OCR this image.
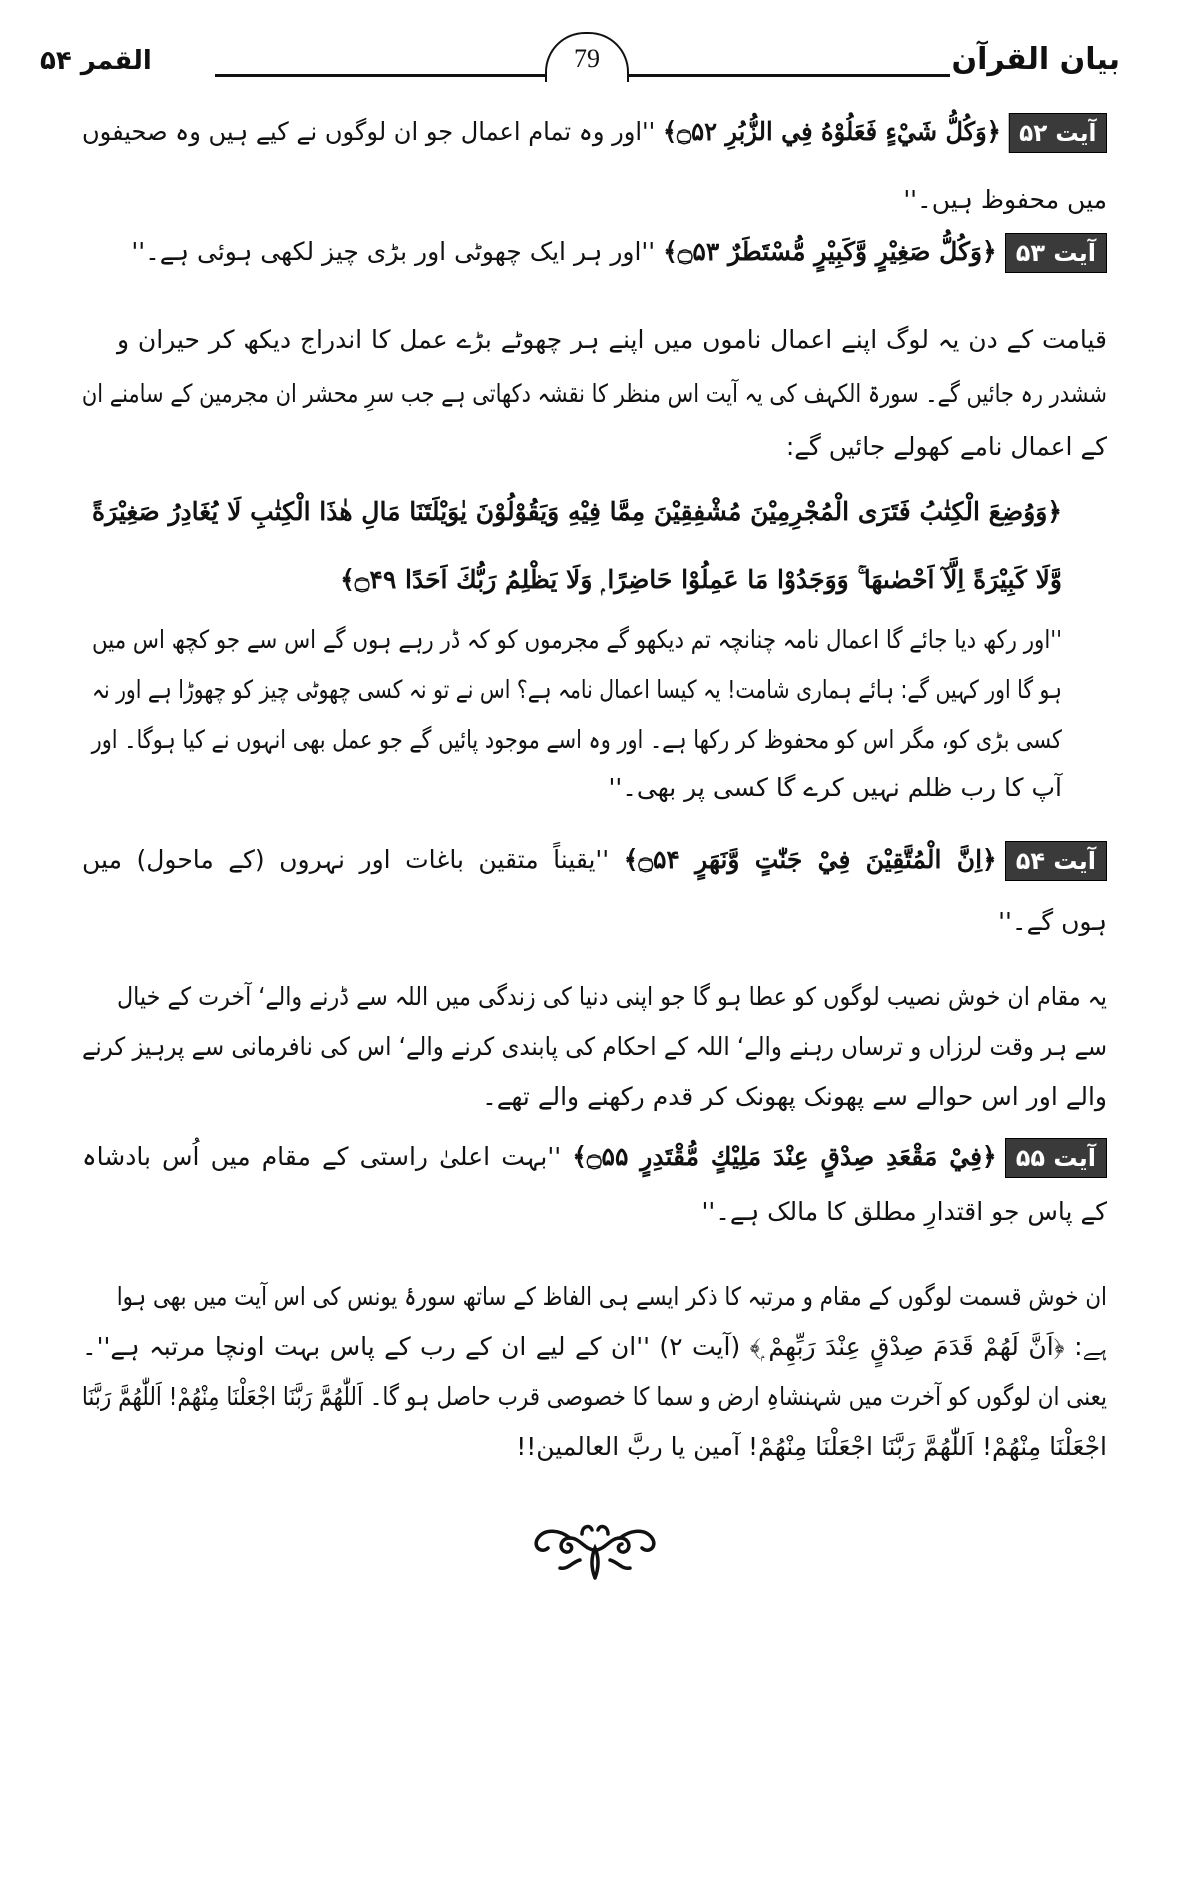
بیان القرآن
القمر ۵۴	79
آیت ۵۲﴿وَكُلُّ شَيْءٍ فَعَلُوْهُ فِي الزُّبُرِ ۝۵۲﴾ ''اور وہ تمام اعمال جو ان لوگوں نے کیے ہیں وہ صحیفوں
میں محفوظ ہیں۔''
آیت ۵۳﴿وَكُلُّ صَغِيْرٍ وَّكَبِيْرٍ مُّسْتَطَرٌ ۝۵۳﴾ ''اور ہر ایک چھوٹی اور بڑی چیز لکھی ہوئی ہے۔''
قیامت کے دن یہ لوگ اپنے اعمال ناموں میں اپنے ہر چھوٹے بڑے عمل کا اندراج دیکھ کر حیران و
ششدر رہ جائیں گے۔ سورۃ الکہف کی یہ آیت اس منظر کا نقشہ دکھاتی ہے جب سرِ محشر ان مجرمین کے سامنے ان
کے اعمال نامے کھولے جائیں گے:
﴿وَوُضِعَ الْكِتٰبُ فَتَرَى الْمُجْرِمِيْنَ مُشْفِقِيْنَ مِمَّا فِيْهِ وَيَقُوْلُوْنَ يٰوَيْلَتَنَا مَالِ هٰذَا الْكِتٰبِ لَا يُغَادِرُ صَغِيْرَةً
وَّلَا كَبِيْرَةً اِلَّآ اَحْصٰىهَا ۚ وَوَجَدُوْا مَا عَمِلُوْا حَاضِرًا ۭ وَلَا يَظْلِمُ رَبُّكَ اَحَدًا ۝۴۹﴾
''اور رکھ دیا جائے گا اعمال نامہ چنانچہ تم دیکھو گے مجرموں کو کہ ڈر رہے ہوں گے اس سے جو کچھ اس میں
ہو گا اور کہیں گے: ہائے ہماری شامت! یہ کیسا اعمال نامہ ہے؟ اس نے تو نہ کسی چھوٹی چیز کو چھوڑا ہے اور نہ
کسی بڑی کو، مگر اس کو محفوظ کر رکھا ہے۔ اور وہ اسے موجود پائیں گے جو عمل بھی انہوں نے کیا ہوگا۔ اور
آپ کا رب ظلم نہیں کرے گا کسی پر بھی۔''
آیت ۵۴﴿اِنَّ الْمُتَّقِيْنَ فِيْ جَنّٰتٍ وَّنَهَرٍ ۝۵۴﴾ ''یقیناً متقین باغات اور نہروں (کے ماحول) میں
ہوں گے۔''
یہ مقام ان خوش نصیب لوگوں کو عطا ہو گا جو اپنی دنیا کی زندگی میں اللہ سے ڈرنے والے‘ آخرت کے خیال
سے ہر وقت لرزاں و ترساں رہنے والے‘ اللہ کے احکام کی پابندی کرنے والے‘ اس کی نافرمانی سے پرہیز کرنے
والے اور اس حوالے سے پھونک پھونک کر قدم رکھنے والے تھے۔
آیت ۵۵﴿فِيْ مَقْعَدِ صِدْقٍ عِنْدَ مَلِيْكٍ مُّقْتَدِرٍ ۝۵۵﴾ ''بہت اعلیٰ راستی کے مقام میں اُس بادشاہ
کے پاس جو اقتدارِ مطلق کا مالک ہے۔''
ان خوش قسمت لوگوں کے مقام و مرتبہ کا ذکر ایسے ہی الفاظ کے ساتھ سورۂ یونس کی اس آیت میں بھی ہوا
ہے: ﴿اَنَّ لَهُمْ قَدَمَ صِدْقٍ عِنْدَ رَبِّهِمْ ۭ﴾ (آیت ۲) ''ان کے لیے ان کے رب کے پاس بہت اونچا مرتبہ ہے''۔
یعنی ان لوگوں کو آخرت میں شہنشاہِ ارض و سما کا خصوصی قرب حاصل ہو گا۔ اَللّٰهُمَّ رَبَّنَا اجْعَلْنَا مِنْهُمْ! اَللّٰهُمَّ رَبَّنَا
اجْعَلْنَا مِنْهُمْ! اَللّٰهُمَّ رَبَّنَا اجْعَلْنَا مِنْهُمْ! آمین یا ربَّ العالمین!!
